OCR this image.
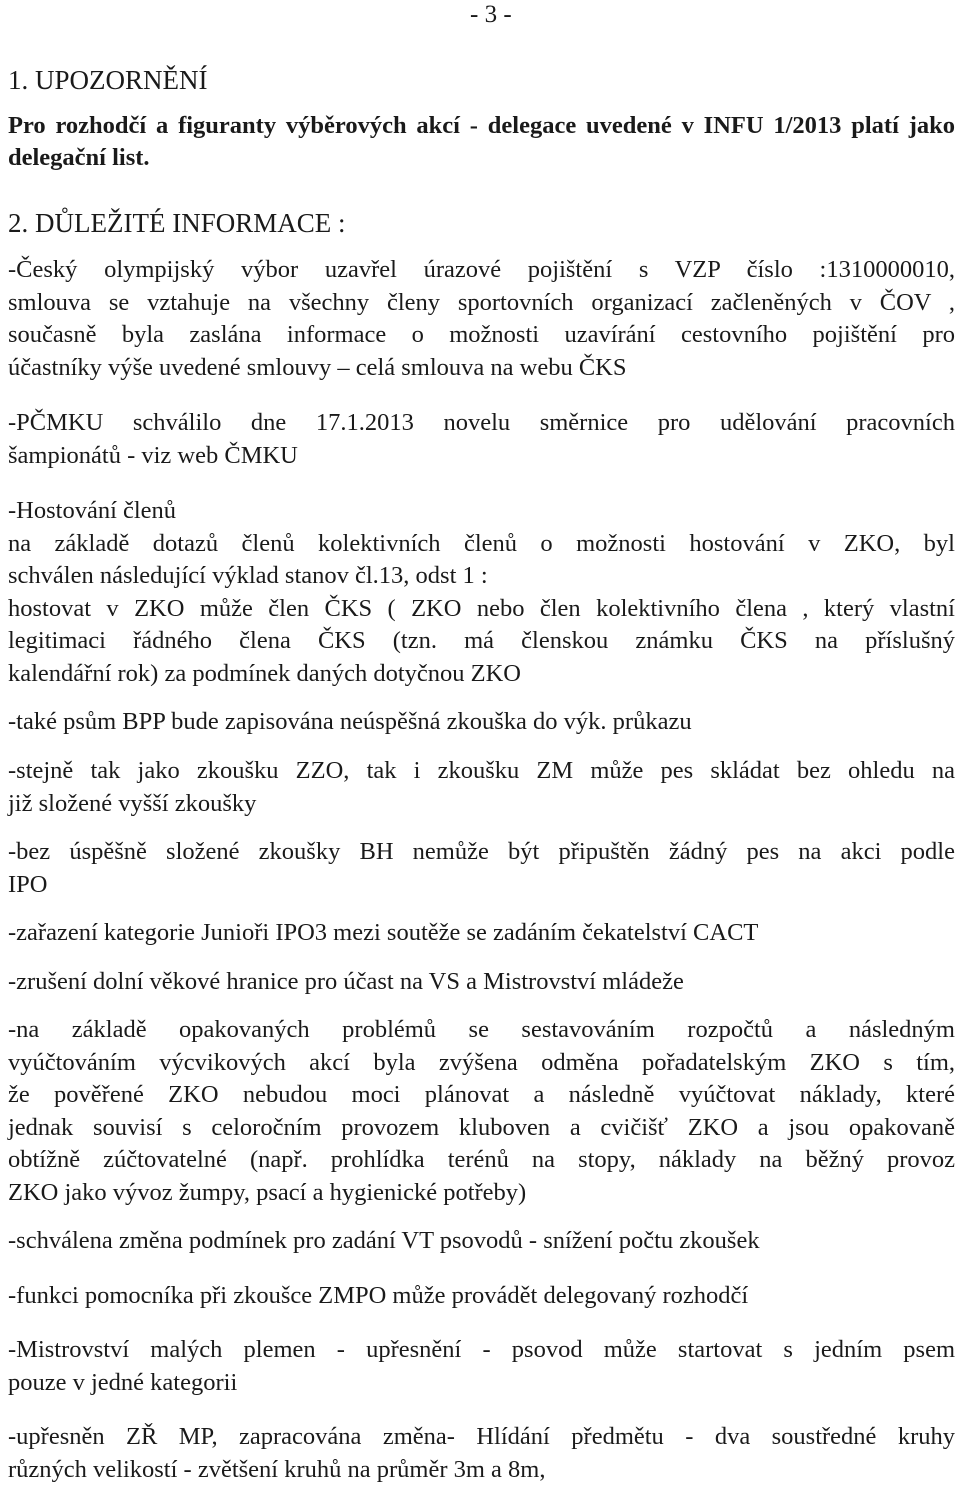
- 3 -

1. UPOZORNĚNÍ
Pro rozhodčí a figuranty výběrových akcí - delegace uvedené v INFU 1/2013 platí jako
delegační list.
2. DŮLEŽITÉ INFORMACE :
-Český olympijský výbor uzavřel úrazové pojištění s VZP číslo :1310000010,
smlouva se vztahuje na všechny členy sportovních organizací začleněných v ČOV ,
současně byla zaslána informace o možnosti uzavírání cestovního pojištění pro
účastníky výše uvedené smlouvy – celá smlouva na webu ČKS
-PČMKU schválilo dne 17.1.2013 novelu směrnice pro udělování pracovních
šampionátů - viz web ČMKU
-Hostování členů
na základě dotazů členů kolektivních členů o možnosti hostování v ZKO, byl
schválen následující výklad stanov čl.13, odst 1 :
hostovat v ZKO může člen ČKS ( ZKO nebo člen kolektivního člena , který vlastní
legitimaci řádného člena ČKS (tzn. má členskou známku ČKS na příslušný
kalendářní rok) za podmínek daných dotyčnou ZKO
-také psům BPP bude zapisována neúspěšná zkouška do výk. průkazu
-stejně tak jako zkoušku ZZO, tak i zkoušku ZM může pes skládat bez ohledu na
již složené vyšší zkoušky
-bez úspěšně složené zkoušky BH nemůže být připuštěn žádný pes na akci podle
IPO
-zařazení kategorie Junioři IPO3 mezi soutěže se zadáním čekatelství CACT
-zrušení dolní věkové hranice pro účast na VS a Mistrovství mládeže
-na základě opakovaných problémů se sestavováním rozpočtů a následným
vyúčtováním výcvikových akcí byla zvýšena odměna pořadatelským ZKO s tím,
že pověřené ZKO nebudou moci plánovat a následně vyúčtovat náklady, které
jednak souvisí s celoročním provozem kluboven a cvičišť ZKO a jsou opakovaně
obtížně zúčtovatelné (např. prohlídka terénů na stopy, náklady na běžný provoz
ZKO jako vývoz žumpy, psací a hygienické potřeby)
-schválena změna podmínek pro zadání VT psovodů - snížení počtu zkoušek
-funkci pomocníka při zkoušce ZMPO může provádět delegovaný rozhodčí
-Mistrovství malých plemen - upřesnění - psovod může startovat s jedním psem
pouze v jedné kategorii
-upřesněn ZŘ MP, zapracována změna- Hlídání předmětu - dva soustředné kruhy
různých velikostí - zvětšení kruhů na průměr 3m a 8m,
